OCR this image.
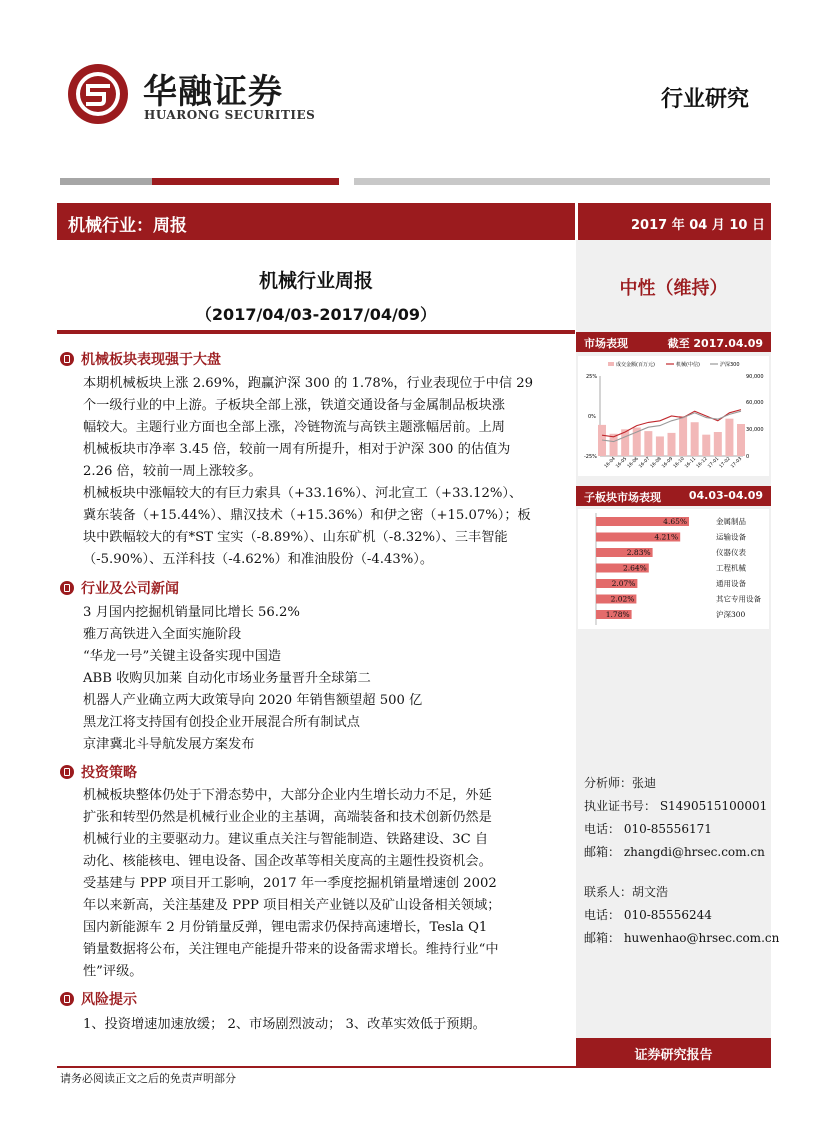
华融证券
HUARONG SECURITIES
行业研究
机械行业：周报	2017 年 04 月 10 日
中性（维持）
市场表现	截至 2017.04.09
成交金额(百万元)	机械(中信)	沪深300
25%
0%
-25%
90,000
60,000
30,000
0
16-04
16-05
16-06
16-07
16-08
16-09
16-10
16-11
16-12
17-01
17-02
17-03
子板块市场表现	04.03-04.09
4.65%	金属制品
4.21%	运输设备
2.83%	仪器仪表
2.64%	工程机械
2.07%	通用设备
2.02%	其它专用设备
1.78%	沪深300
分析师：张迪
执业证书号： S1490515100001
电话： 010-85556171
邮箱： zhangdi@hrsec.com.cn
联系人：胡文浩
电话： 010-85556244
邮箱： huwenhao@hrsec.com.cn
证券研究报告
请务必阅读正文之后的免责声明部分
机械行业周报
（2017/04/03-2017/04/09）
机械板块表现强于大盘
本期机械板块上涨 2.69%，跑赢沪深 300 的 1.78%，行业表现位于中信 29
个一级行业的中上游。子板块全部上涨，铁道交通设备与金属制品板块涨
幅较大。主题行业方面也全部上涨，冷链物流与高铁主题涨幅居前。上周
机械板块市净率 3.45 倍，较前一周有所提升，相对于沪深 300 的估值为
2.26 倍，较前一周上涨较多。
机械板块中涨幅较大的有巨力索具（+33.16%）、河北宣工（+33.12%）、
冀东装备（+15.44%）、鼎汉技术（+15.36%）和伊之密（+15.07%）；板
块中跌幅较大的有*ST 宝实（-8.89%）、山东矿机（-8.32%）、三丰智能
（-5.90%）、五洋科技（-4.62%）和准油股份（-4.43%）。
行业及公司新闻
3 月国内挖掘机销量同比增长 56.2%
雅万高铁进入全面实施阶段
“华龙一号”关键主设备实现中国造
ABB 收购贝加莱 自动化市场业务量晋升全球第二
机器人产业确立两大政策导向 2020 年销售额望超 500 亿
黑龙江将支持国有创投企业开展混合所有制试点
京津冀北斗导航发展方案发布
投资策略
机械板块整体仍处于下滑态势中，大部分企业内生增长动力不足，外延
扩张和转型仍然是机械行业企业的主基调，高端装备和技术创新仍然是
机械行业的主要驱动力。建议重点关注与智能制造、铁路建设、3C 自
动化、核能核电、锂电设备、国企改革等相关度高的主题性投资机会。
受基建与 PPP 项目开工影响，2017 年一季度挖掘机销量增速创 2002
年以来新高，关注基建及 PPP 项目相关产业链以及矿山设备相关领域；
国内新能源车 2 月份销量反弹，锂电需求仍保持高速增长，Tesla Q1
销量数据将公布，关注锂电产能提升带来的设备需求增长。维持行业“中
性”评级。
风险提示
1、投资增速加速放缓； 2、市场剧烈波动； 3、改革实效低于预期。
